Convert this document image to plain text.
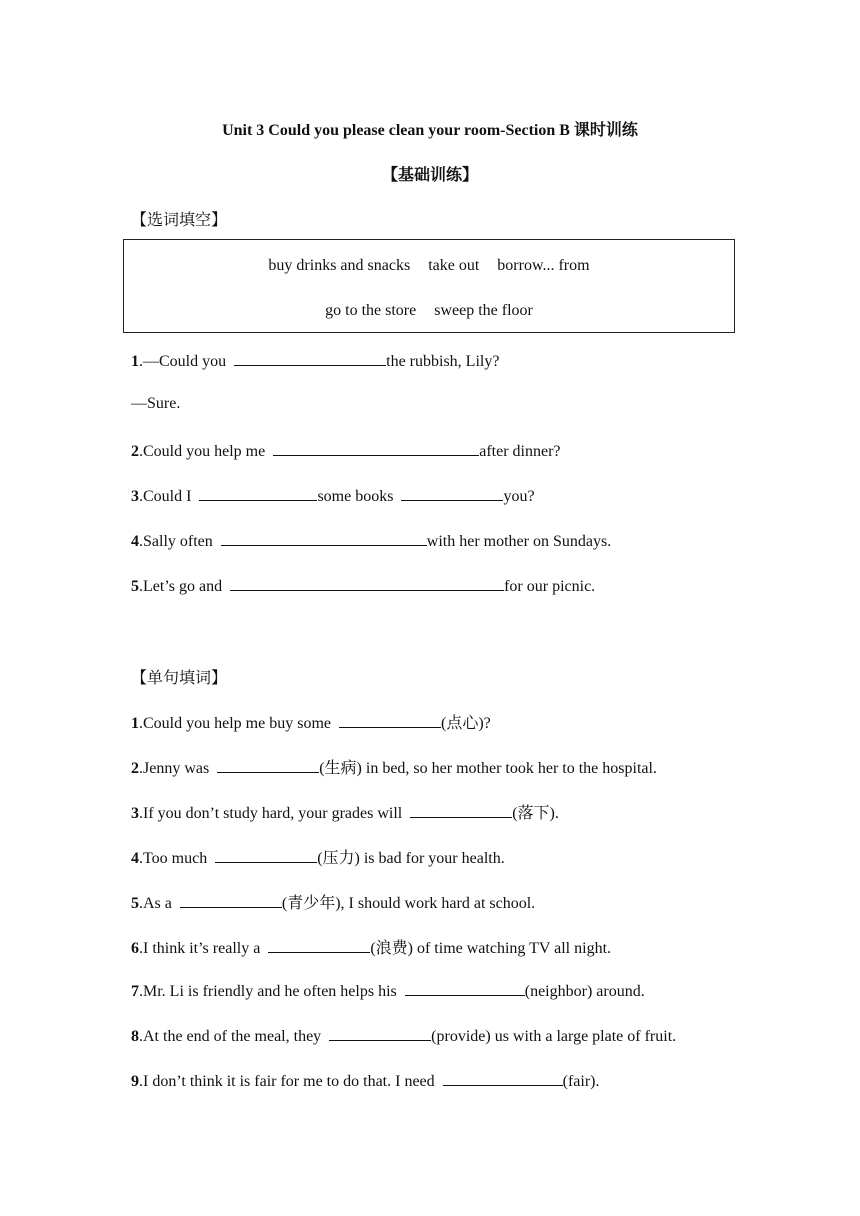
Unit 3 Could you please clean your room-Section B 课时训练
【基础训练】
【选词填空】
buy drinks and snacks take out borrow... from
go to the store sweep the floor
1.—Could you	the rubbish, Lily?
—Sure.
2.Could you help me	after dinner?
3.Could I	some books	you?
4.Sally often	with her mother on Sundays.
5.Let’s go and	for our picnic.
【单句填词】
1.Could you help me buy some	(点心)?
2.Jenny was	(生病) in bed, so her mother took her to the hospital.
3.If you don’t study hard, your grades will	(落下).
4.Too much	(压力) is bad for your health.
5.As a	(青少年), I should work hard at school.
6.I think it’s really a	(浪费) of time watching TV all night.
7.Mr. Li is friendly and he often helps his	(neighbor) around.
8.At the end of the meal, they	(provide) us with a large plate of fruit.
9.I don’t think it is fair for me to do that. I need	(fair).
